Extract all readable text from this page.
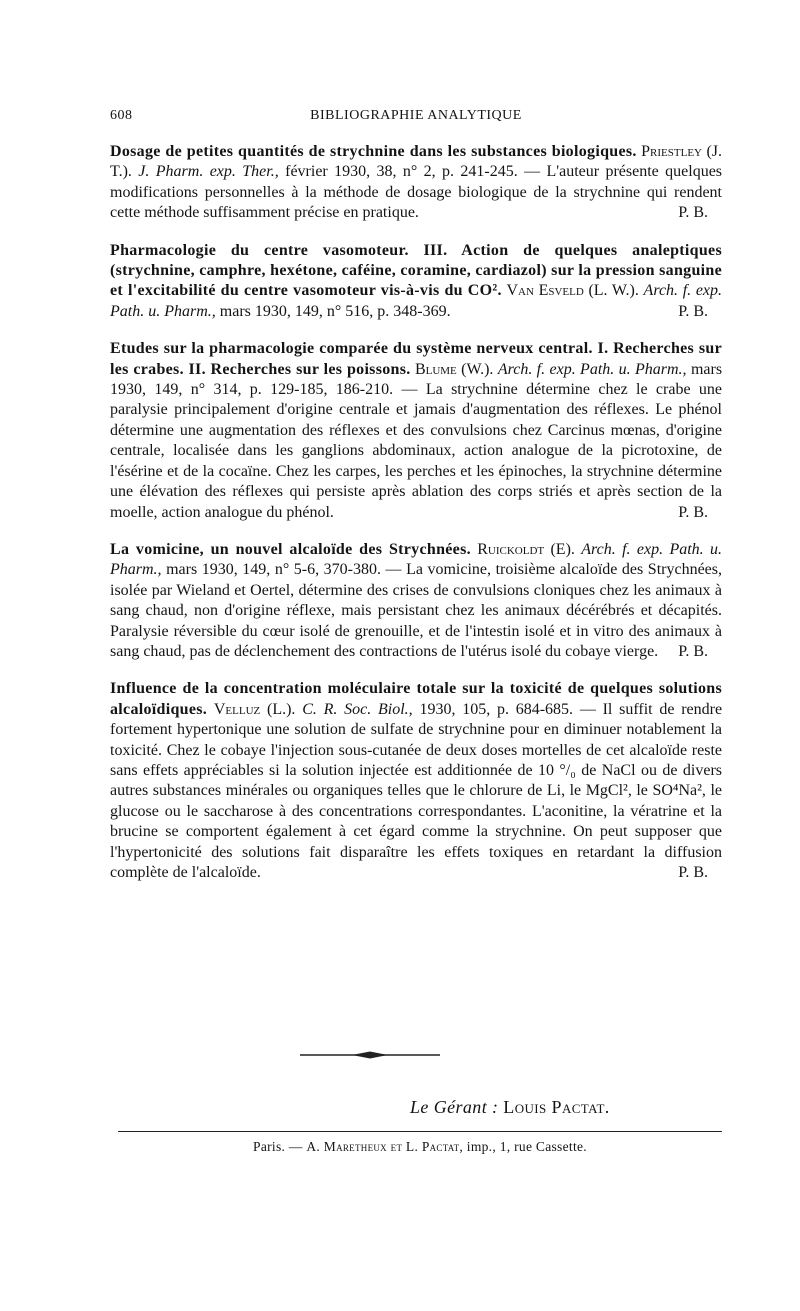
608	BIBLIOGRAPHIE ANALYTIQUE

Dosage de petites quantités de strychnine dans les substances biologiques. Priestley (J. T.). J. Pharm. exp. Ther., février 1930, 38, n° 2, p. 241-245. — L'auteur présente quelques modifications personnelles à la méthode de dosage biologique de la strychnine qui rendent cette méthode suffisamment précise en pratique.	P. B.

Pharmacologie du centre vasomoteur. III. Action de quelques analeptiques (strychnine, camphre, hexétone, caféine, coramine, cardiazol) sur la pression sanguine et l'excitabilité du centre vasomoteur vis-à-vis du CO². Van Esveld (L. W.). Arch. f. exp. Path. u. Pharm., mars 1930, 149, n° 516, p. 348-369.	P. B.

Etudes sur la pharmacologie comparée du système nerveux central. I. Recherches sur les crabes. II. Recherches sur les poissons. Blume (W.). Arch. f. exp. Path. u. Pharm., mars 1930, 149, n° 314, p. 129-185, 186-210. — La strychnine détermine chez le crabe une paralysie principalement d'origine centrale et jamais d'augmentation des réflexes. Le phénol détermine une augmentation des réflexes et des convulsions chez Carcinus mœnas, d'origine centrale, localisée dans les ganglions abdominaux, action analogue de la picrotoxine, de l'ésérine et de la cocaïne. Chez les carpes, les perches et les épinoches, la strychnine détermine une élévation des réflexes qui persiste après ablation des corps striés et après section de la moelle, action analogue du phénol.	P. B.

La vomicine, un nouvel alcaloïde des Strychnées. Ruickoldt (E). Arch. f. exp. Path. u. Pharm., mars 1930, 149, n° 5-6, 370-380. — La vomicine, troisième alcaloïde des Strychnées, isolée par Wieland et Oertel, détermine des crises de convulsions cloniques chez les animaux à sang chaud, non d'origine réflexe, mais persistant chez les animaux décérébrés et décapités. Paralysie réversible du cœur isolé de grenouille, et de l'intestin isolé et in vitro des animaux à sang chaud, pas de déclenchement des contractions de l'utérus isolé du cobaye vierge. P. B.

Influence de la concentration moléculaire totale sur la toxicité de quelques solutions alcaloïdiques. Velluz (L.). C. R. Soc. Biol., 1930, 105, p. 684-685. — Il suffit de rendre fortement hypertonique une solution de sulfate de strychnine pour en diminuer notablement la toxicité. Chez le cobaye l'injection sous-cutanée de deux doses mortelles de cet alcaloïde reste sans effets appréciables si la solution injectée est additionnée de 10 °/₀ de NaCl ou de divers autres substances minérales ou organiques telles que le chlorure de Li, le MgCl², le SO⁴Na², le glucose ou le saccharose à des concentrations correspondantes. L'aconitine, la vératrine et la brucine se comportent également à cet égard comme la strychnine. On peut supposer que l'hypertonicité des solutions fait disparaître les effets toxiques en retardant la diffusion complète de l'alcaloïde.	P. B.

Le Gérant : Louis Pactat.
Paris. — A. Maretheux et L. Pactat, imp., 1, rue Cassette.
